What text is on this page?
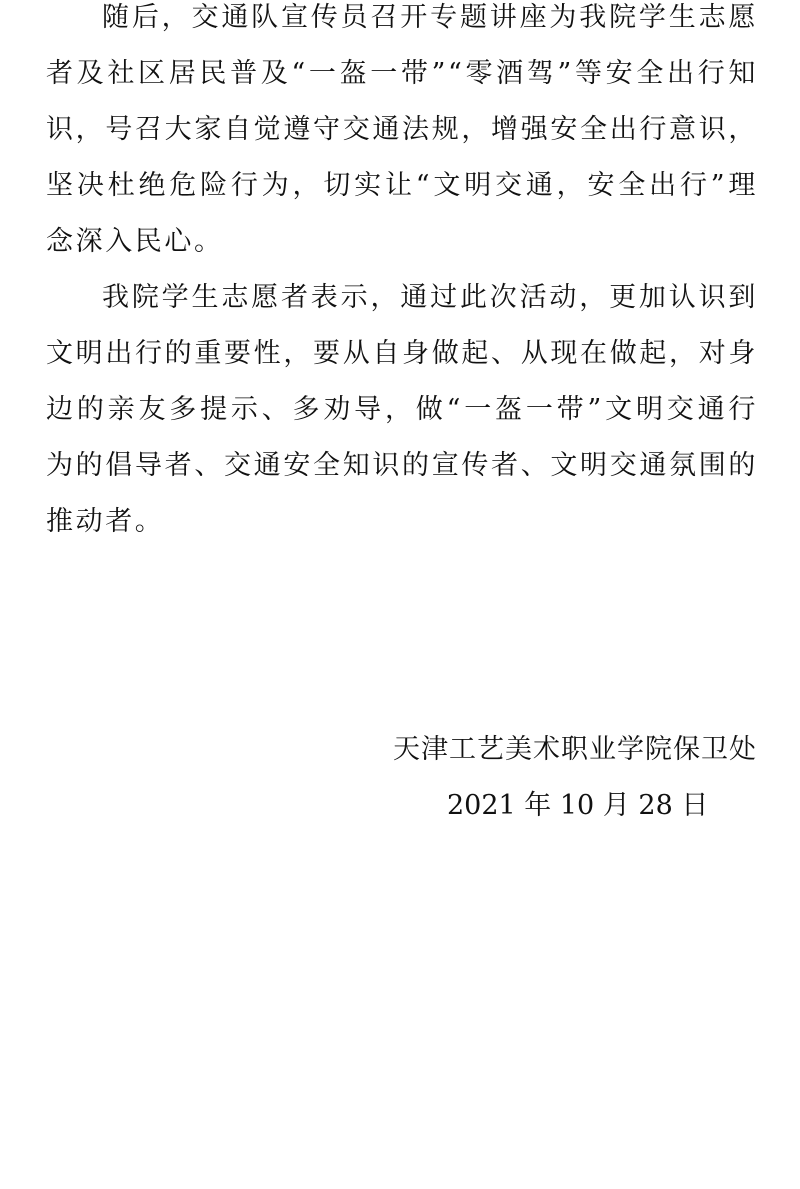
随后，交通队宣传员召开专题讲座为我院学生志愿者及社区居民普及“一盔一带”“零酒驾”等安全出行知识，号召大家自觉遵守交通法规，增强安全出行意识，坚决杜绝危险行为，切实让“文明交通，安全出行”理念深入民心。

我院学生志愿者表示，通过此次活动，更加认识到文明出行的重要性，要从自身做起、从现在做起，对身边的亲友多提示、多劝导，做“一盔一带”文明交通行为的倡导者、交通安全知识的宣传者、文明交通氛围的推动者。

天津工艺美术职业学院保卫处
2021 年 10 月 28 日
